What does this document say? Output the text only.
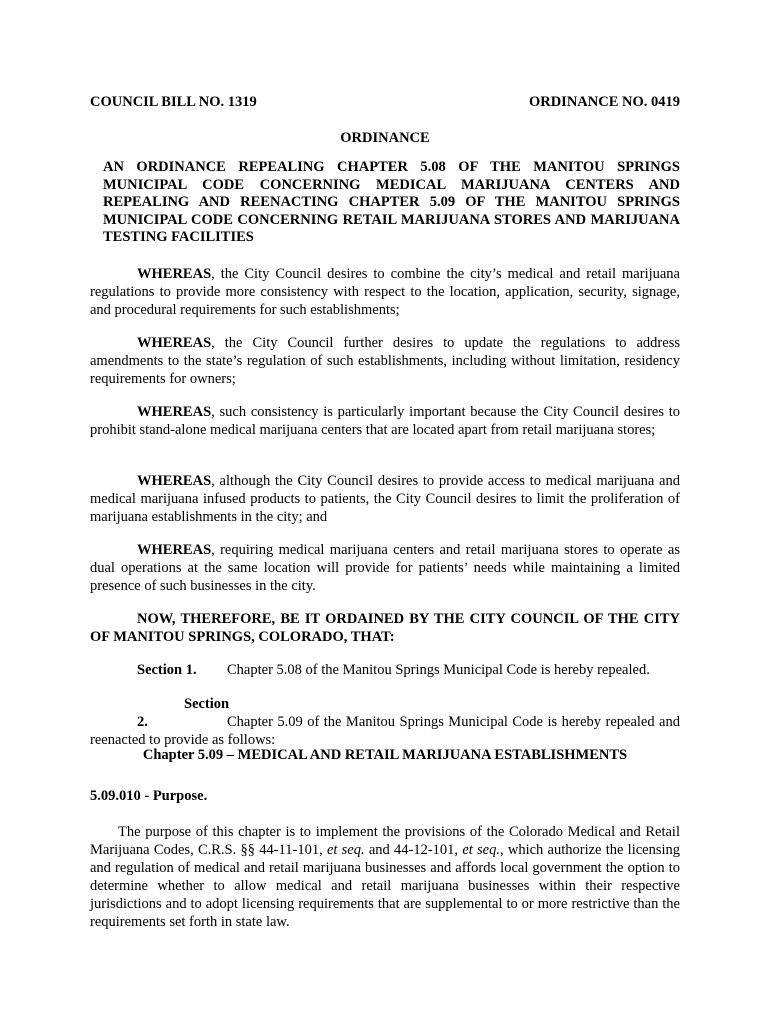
COUNCIL BILL NO. 1319	ORDINANCE NO. 0419
ORDINANCE
AN ORDINANCE REPEALING CHAPTER 5.08 OF THE MANITOU SPRINGS MUNICIPAL CODE CONCERNING MEDICAL MARIJUANA CENTERS AND REPEALING AND REENACTING CHAPTER 5.09 OF THE MANITOU SPRINGS MUNICIPAL CODE CONCERNING RETAIL MARIJUANA STORES AND MARIJUANA TESTING FACILITIES
WHEREAS, the City Council desires to combine the city’s medical and retail marijuana regulations to provide more consistency with respect to the location, application, security, signage, and procedural requirements for such establishments;
WHEREAS, the City Council further desires to update the regulations to address amendments to the state’s regulation of such establishments, including without limitation, residency requirements for owners;
WHEREAS, such consistency is particularly important because the City Council desires to prohibit stand-alone medical marijuana centers that are located apart from retail marijuana stores;
WHEREAS, although the City Council desires to provide access to medical marijuana and medical marijuana infused products to patients, the City Council desires to limit the proliferation of marijuana establishments in the city; and
WHEREAS, requiring medical marijuana centers and retail marijuana stores to operate as dual operations at the same location will provide for patients’ needs while maintaining a limited presence of such businesses in the city.
NOW, THEREFORE, BE IT ORDAINED BY THE CITY COUNCIL OF THE CITY OF MANITOU SPRINGS, COLORADO, THAT:
Section 1. Chapter 5.08 of the Manitou Springs Municipal Code is hereby repealed.
Section 2.	Chapter 5.09 of the Manitou Springs Municipal Code is hereby repealed and reenacted to provide as follows:
Chapter 5.09 – MEDICAL AND RETAIL MARIJUANA ESTABLISHMENTS
5.09.010 - Purpose.
The purpose of this chapter is to implement the provisions of the Colorado Medical and Retail Marijuana Codes, C.R.S. §§ 44-11-101, et seq. and 44-12-101, et seq., which authorize the licensing and regulation of medical and retail marijuana businesses and affords local government the option to determine whether to allow medical and retail marijuana businesses within their respective jurisdictions and to adopt licensing requirements that are supplemental to or more restrictive than the requirements set forth in state law.
